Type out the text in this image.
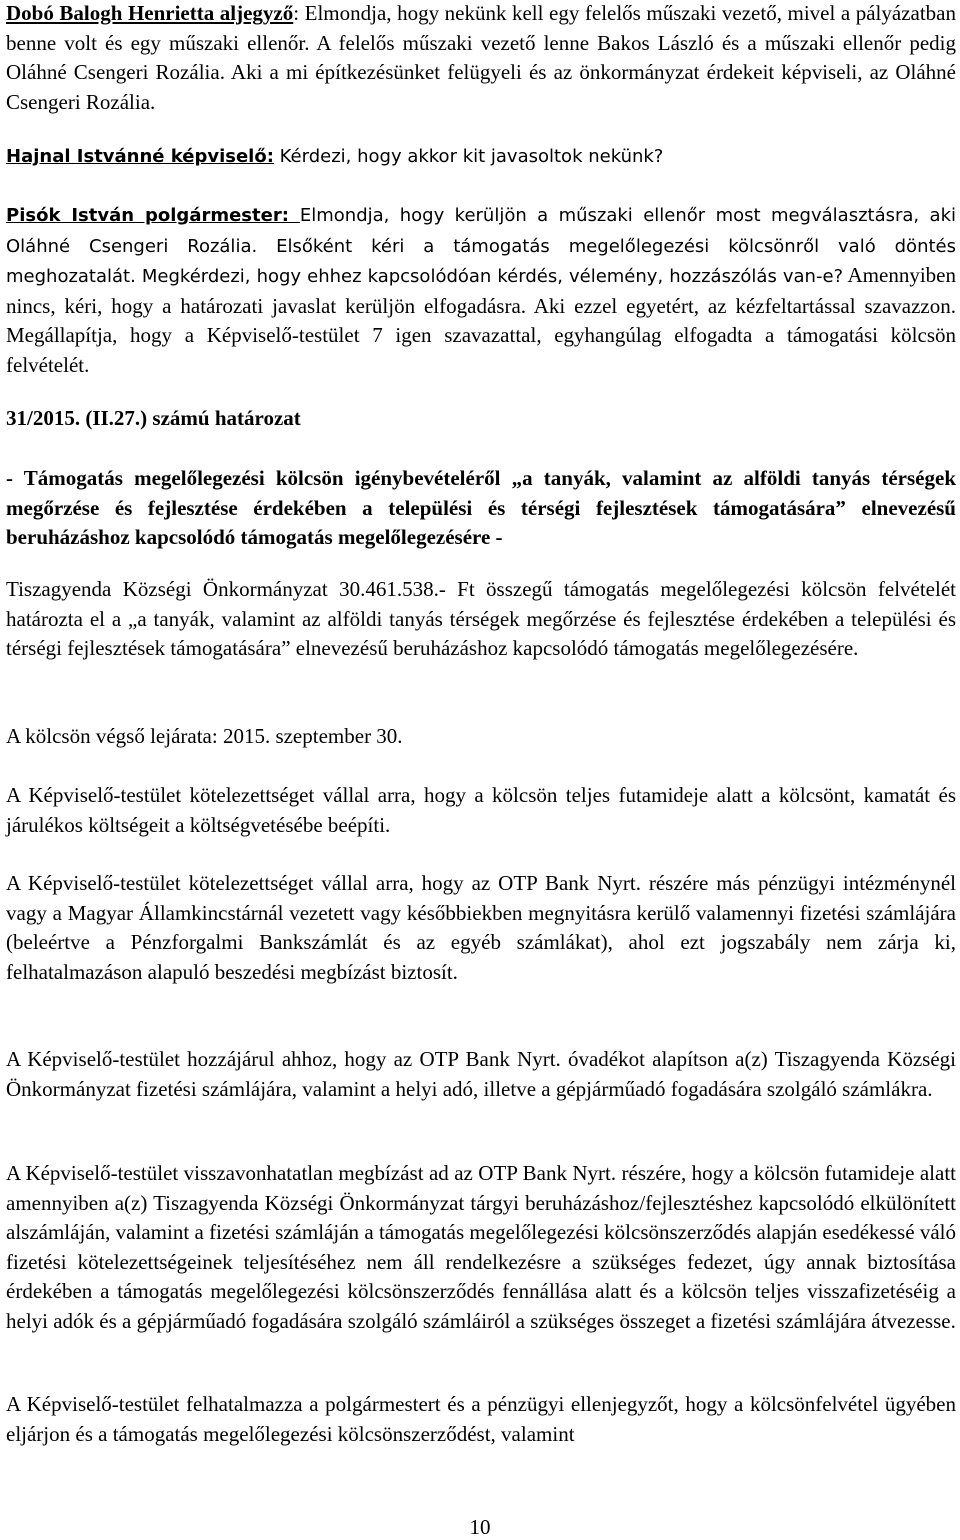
Dobó Balogh Henrietta aljegyző: Elmondja, hogy nekünk kell egy felelős műszaki vezető, mivel a pályázatban benne volt és egy műszaki ellenőr. A felelős műszaki vezető lenne Bakos László és a műszaki ellenőr pedig Oláhné Csengeri Rozália. Aki a mi építkezésünket felügyeli és az önkormányzat érdekeit képviseli, az Oláhné Csengeri Rozália.

Hajnal Istvánné képviselő: Kérdezi, hogy akkor kit javasoltok nekünk?

Pisók István polgármester: Elmondja, hogy kerüljön a műszaki ellenőr most megválasztásra, aki Oláhné Csengeri Rozália. Elsőként kéri a támogatás megelőlegezési kölcsönről való döntés meghozatalát. Megkérdezi, hogy ehhez kapcsolódóan kérdés, vélemény, hozzászólás van-e? Amennyiben nincs, kéri, hogy a határozati javaslat kerüljön elfogadásra. Aki ezzel egyetért, az kézfeltartással szavazzon. Megállapítja, hogy a Képviselő-testület 7 igen szavazattal, egyhangúlag elfogadta a támogatási kölcsön felvételét.

31/2015. (II.27.) számú határozat

- Támogatás megelőlegezési kölcsön igénybevételéről „a tanyák, valamint az alföldi tanyás térségek megőrzése és fejlesztése érdekében a települési és térségi fejlesztések támogatására” elnevezésű beruházáshoz kapcsolódó támogatás megelőlegezésére -

Tiszagyenda Községi Önkormányzat 30.461.538.- Ft összegű támogatás megelőlegezési kölcsön felvételét határozta el a „a tanyák, valamint az alföldi tanyás térségek megőrzése és fejlesztése érdekében a települési és térségi fejlesztések támogatására” elnevezésű beruházáshoz kapcsolódó támogatás megelőlegezésére.

A kölcsön végső lejárata: 2015. szeptember 30.

A Képviselő-testület kötelezettséget vállal arra, hogy a kölcsön teljes futamideje alatt a kölcsönt, kamatát és járulékos költségeit a költségvetésébe beépíti.

A Képviselő-testület kötelezettséget vállal arra, hogy az OTP Bank Nyrt. részére más pénzügyi intézménynél vagy a Magyar Államkincstárnál vezetett vagy későbbiekben megnyitásra kerülő valamennyi fizetési számlájára (beleértve a Pénzforgalmi Bankszámlát és az egyéb számlákat), ahol ezt jogszabály nem zárja ki, felhatalmazáson alapuló beszedési megbízást biztosít.

A Képviselő-testület hozzájárul ahhoz, hogy az OTP Bank Nyrt. óvadékot alapítson a(z) Tiszagyenda Községi Önkormányzat fizetési számlájára, valamint a helyi adó, illetve a gépjárműadó fogadására szolgáló számlákra.

A Képviselő-testület visszavonhatatlan megbízást ad az OTP Bank Nyrt. részére, hogy a kölcsön futamideje alatt amennyiben a(z) Tiszagyenda Községi Önkormányzat tárgyi beruházáshoz/fejlesztéshez kapcsolódó elkülönített alszámláján, valamint a fizetési számláján a támogatás megelőlegezési kölcsönszerződés alapján esedékessé váló fizetési kötelezettségeinek teljesítéséhez nem áll rendelkezésre a szükséges fedezet, úgy annak biztosítása érdekében a támogatás megelőlegezési kölcsönszerződés fennállása alatt és a kölcsön teljes visszafizetéséig a helyi adók és a gépjárműadó fogadására szolgáló számláiról a szükséges összeget a fizetési számlájára átvezesse.

A Képviselő-testület felhatalmazza a polgármestert és a pénzügyi ellenjegyzőt, hogy a kölcsönfelvétel ügyében eljárjon és a támogatás megelőlegezési kölcsönszerződést, valamint

10
